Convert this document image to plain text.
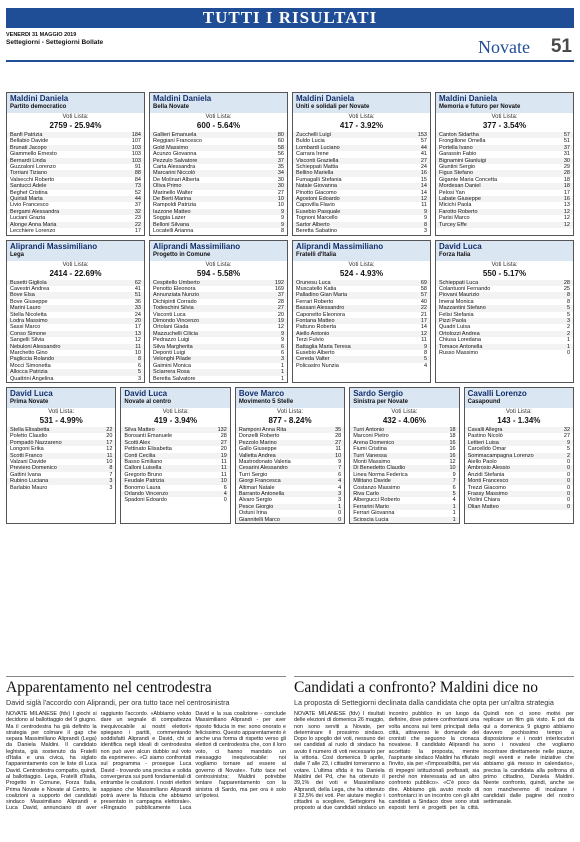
TUTTI I RISULTATI
VENERDI 31 MAGGIO 2019
Settegiorni - Settegiorni Bollate	Novate 51
Maldini Daniela
Partito democratico
Voti Lista:
2759 - 25.94%
Banfi Patrizia	184
Bellabio Davide	107
Brunati Jacopo	103
Giammello Ernesto	103
Bernardi Linda	103
Guzzaloni Lorenzo	91
Torriani Tiziano	88
Valsecchi Roberto	84
Santucci Adele	73
Beghet Cristina	52
Quirlali Marta	44
Livio Francesco	37
Bergami Alessandra	32
Luciani Grazia	23
Alonge Anna Maria	22
Lecchiere Lorenzo	17
Maldini Daniela
Bella Novate
Voti Lista:
600 - 5.64%
Gallieri Emanuela	80
Reggiani Francesco	60
Gold Massimo	58
Acunzo Giovanna	56
Pezzulo Salvatore	37
Carta Alessandra	35
Marcarini Niccolò	34
De Molinari Alberta	30
Oliva Primo	30
Marinello Walter	27
De Berti Marina	10
Rampoldi Patrizia	10
Iazzone Matteo	9
Soggia Lazer	9
Belloni Silvana	9
Locatelli Arianna	8
Maldini Daniela
Uniti e solidali per Novate
Voti Lista:
417 - 3.92%
Zucchelli Luigi	153
Buldo Lucia	57
Lombardi Luciano	44
Carrara Irene	41
Visconti Graziella	27
Schieppati Mattia	24
Bellino Mariella	16
Fumagalli Stefania	15
Natale Giovanna	14
Pinotto Giacomo	14
Agostoni Edoardo	12
Capovilla Flavio	11
Eusebio Pasquale	9
Tognoni Marcello	9
Sartor Alberto	8
Beretta Sabatino	3
Maldini Daniela
Memoria e futuro per Novate
Voti Lista:
377 - 3.54%
Canton Sidartha	57
Frongillone Ornella	51
Portella Ivano	37
Garassin Fabio	31
Bignamini Gianluigi	30
Giuntini Sergio	29
Figus Stefano	28
Gigante Maria Concetta	18
Mordesan Daniel	18
Pelosi Yan	17
Labate Giuseppe	16
Micichi Paola	13
Farotto Roberto	12
Parisi Marco	12
Turcey Effe	12
Aliprandi Massimiliano
Lega
Voti Lista:
2414 - 22.69%
Busetti Gigliola	62
Cavestri Andrea	41
Bove Elsa	51
Bove Giuseppe	36
Marini Lauro	33
Stella Nicoletta	24
Lodra Massimo	20
Sassi Marco	17
Conso Simone	13
Sangelli Silvia	12
Nebuloni Alessandro	11
Marchetto Gino	10
Pagliccia Rolando	8
Mocci Simonetta	6
Allocca Patrizia	5
Quattrini Angelina	3
Aliprandi Massimiliano
Progetto in Comune
Voti Lista:
594 - 5.58%
Cespitello Umberto	192
Penotto Eleonora	169
Annunziata Nunzio	37
Dichipinti Corrado	28
Todeschini Silvia	27
Visconti Luca	20
Dimondo Vincenzo	19
Ortolani Giada	12
Mazzuchelli Cilicia	9
Pedrazzo Luigi	9
Silva Margherita	6
Deponti Luigi	6
Velonghi Pilade	3
Gaimini Monica	1
Sciarrera Rosa	1
Beretta Salvatore	1
Aliprandi Massimiliano
Fratelli d'Italia
Voti Lista:
524 - 4.93%
Orunesu Luca	69
Muscatello Katia	58
Palladino Gian Maria	57
Ferrari Roberto	40
Bassani Alessandro	22
Caponetto Eleonora	21
Fontana Matteo	17
Pattuno Roberta	14
Aiello Antonio	12
Terzi Fulvio	11
Battaglia Maria Teresa	9
Eusebio Alberto	8
Cereda Valter	5
Policastro Nunzia	4
David Luca
Forza Italia
Voti Lista:
550 - 5.17%
Schieppati Luca	28
Colantuoni Fernando	25
Piovani Maurizio	8
Imerai Monica	8
Mazzantini Stefano	5
Felisi Stefania	5
Pizzi Paola	3
Quadri Luisa	2
Ortolozzi Andrea	2
Chiusa Loredana	1
Tomace Antonella	1
Russo Massimo	0
David Luca
Prima Novate
Voti Lista:
531 - 4.99%
Stella Elisabetta	22
Poletto Claudio	20
Pompadò Nazzareno	17
Longoni Erika	12
Scotti Franco	11
Valzani Davide	10
Previero Domenico	8
Gattini Ivana	7
Rubino Luciana	3
Barlabio Mauro	3
David Luca
Novate al centro
Voti Lista:
419 - 3.94%
Silva Matteo	132
Bonsanti Emanuele	28
Scotti Alex	27
Pettinato Elisabetta	20
Conti Cecilia	19
Basso Emiliano	11
Calloni Luisella	11
Gregorio Bruno	11
Feudale Patrizia	10
Bonomo Laura	6
Orlando Vincenzo	4
Spadoni Edoardo	0
Bove Marco
Movimento 5 Stelle
Voti Lista:
877 - 8.24%
Ramponi Anna Rita	35
Donzelli Roberto	28
Pezzolo Marino	27
Gallo Giuseppe	11
Valletta Andrea	10
Mastrodonato Valeria	9
Cesarini Alessandro	7
Turri Sergio	6
Giorgi Francesca	4
Altimari Natale	4
Barranto Antonella	3
Alvaro Sergio	3
Pesce Giorgio	1
Ostuni Irina	0
Giannitelli Marco	0
Sardo Sergio
Sinistra per Novate
Voti Lista:
432 - 4.06%
Turri Antonio	18
Marconi Pietro	18
Arena Domenico	16
Fiumi Cristina	16
Turri Vanessa	16
Monti Massimo	12
Di Benedetto Claudio	10
Linea Norma Federica	9
Militano Davide	7
Costanzo Massimo	6
Riva Carlo	5
Albergucci Roberto	4
Ferrarini Mario	1
Ferrari Giovanna	1
Scioscia Lucia	1
Cavalli Lorenzo
Casapound
Voti Lista:
143 - 1.34%
Cavalli Allegra	32
Pastino Nicolò	27
Lettieri Luisa	9
Carcelldo Omar	5
Sommacampagna Lorenzo	2
Aiello Paolo	0
Ambrosio Alessio	0
Anzidi Stefania	0
Monti Francesco	0
Trezzi Giacomo	0
Frassy Massimo	0
Violini Chiara	0
Olian Matteo	0
Apparentamento nel centrodestra
David siglà l'accordo con Aliprandi, per ora tutto tace nel centrosinistra
NOVATE MILANESE (fdv) I giochi si decidono al ballottaggio del 9 giugno. Ma il centrodestra ha già definito la strategia per colmare il gap che separa Massimiliano Aliprandi (Lega) da Daniela Maldini. Il candidato leghista, già sostenuto da Fratelli d'Italia e una civica, ha siglato l'apparentamento con le liste di Luca David. Centrodestra compatto, quindi, al ballottaggio. Lega, Fratelli d'Italia, Progetto in Comune, Forza Italia, Prima Novate e Novate al Centro, le coalizioni a supporto dei candidati sindaco Massimiliano Aliprandi e Luca David, annunciano di aver raggiunto l'accordo. «Abbiamo voluto dare un segnale di compattezza inequivocabile ai nostri elettori» spiegano i partiti, commentando soddisfatti Aliprandi e David, chi si identifica negli ideali di centrodestra non può aver alcun dubbio sul voto da esprimere». «Ci siamo confrontati sul programma - prosegue Luca David - trovando una precisa e solida convergenza sui punti fondamentali di entrambe le coalizioni. I nostri elettori sappiano che Massimiliano Aliprandi potrà avere la fiducia che abbiamo presentato in campagna elettorale». «Ringrazio pubblicamente Luca David e la sua coalizione - conclude Massimiliano Aliprandi - per aver riposto fiducia in me: sono onorato e felicissimo. Questo apparentamento è anche una forma di rispetto verso gli elettori di centrodestra che, con il loro voto, ci hanno mandato un messaggio inequivocabile: noi vogliamo tornare ad essere al governo di Novate». Tutto tace nel centrosinistra: Maldini potrebbe tentare l'apparentamento con la sinistra di Sardo, ma per ora è solo un'ipotesi.
Candidati a confronto? Maldini dice no
La proposta di Settegiorni declinata dalla candidata che opta per un'altra strategia
NOVATE MILANESE (fdv) I risultati delle elezioni di domenica 26 maggio, non sono serviti a Novate, per determinare il prossimo sindaco. Dopo lo spoglio dei voti, nessuno dei sei candidati al ruolo di sindaco ha avuto il numero di voti necessario per la vittoria. Così domenica 9 aprile, dalle 7 alle 23, i cittadini torneranno a votare. L'ultima sfida è tra Daniela Maldini del Pd, che ha ottenuto il 39,1% dei voti e Massimiliano Aliprandi, della Lega, che ha ottenuto il 32,5% dei voti. Per aiutare meglio i cittadini a scegliere, Settegiorni ha proposto ai due candidati sindaco un incontro pubblico in un luogo da definire, dove potere confrontarsi una volta ancora sui temi principali della città, attraverso le domande dei cronisti che seguono la cronaca novatese. Il candidato Aliprandi ha accettato la proposta, mentre l'aspirante sindaco Maldini ha rifiutato l'invito, sia per «l'impossibilità, per via di impegni istituzionali prefissati, sia perché non interessata ad un altro confronto pubblico». «C'è poco da dire. Abbiamo già avuto modo di confrontarci in un incontro con gli altri candidati a Sindaco dove sono stati esposti temi e progetti per la città. Quindi non ci sono motivi per replicare un film già visto. E poi da qui a domenica 9 giugno abbiamo davvero pochissimo tempo a disposizione e i nostri interlocutori sono i novatesi che vogliamo incontrare direttamente nelle piazze, negli eventi e nelle iniziative che abbiamo già messo in calendario», precisa la candidata alla poltrona di primo cittadino, Daniela Maldini. Niente confronto, quindi, anche se non mancheremo di incalzare i candidati dalle pagine del nostro settimanale.
